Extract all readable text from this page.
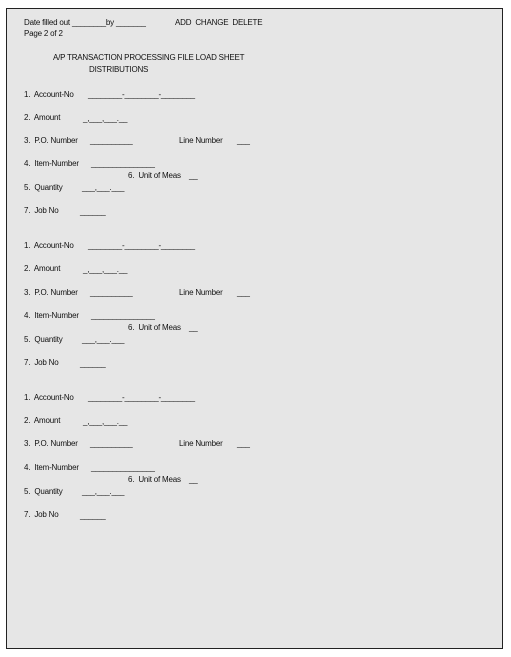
Date filled out ________by _______	ADD  CHANGE  DELETE
Page 2 of 2
A/P TRANSACTION PROCESSING FILE LOAD SHEET
DISTRIBUTIONS
1.  Account-No ________-________-________
2.  Amount	_,___,___.__
3.  P.O. Number __________	Line Number ___
4.  Item-Number _______________
6.  Unit of Meas __
5.  Quantity ___,___.___
7.  Job No	______
1.  Account-No ________-________-________
2.  Amount	_,___,___.__
3.  P.O. Number __________	Line Number ___
4.  Item-Number _______________
6.  Unit of Meas __
5.  Quantity ___,___.___
7.  Job No	______
1.  Account-No ________-________-________
2.  Amount	_,___,___.__
3.  P.O. Number __________	Line Number ___
4.  Item-Number _______________
6.  Unit of Meas __
5.  Quantity ___,___.___
7.  Job No	______
